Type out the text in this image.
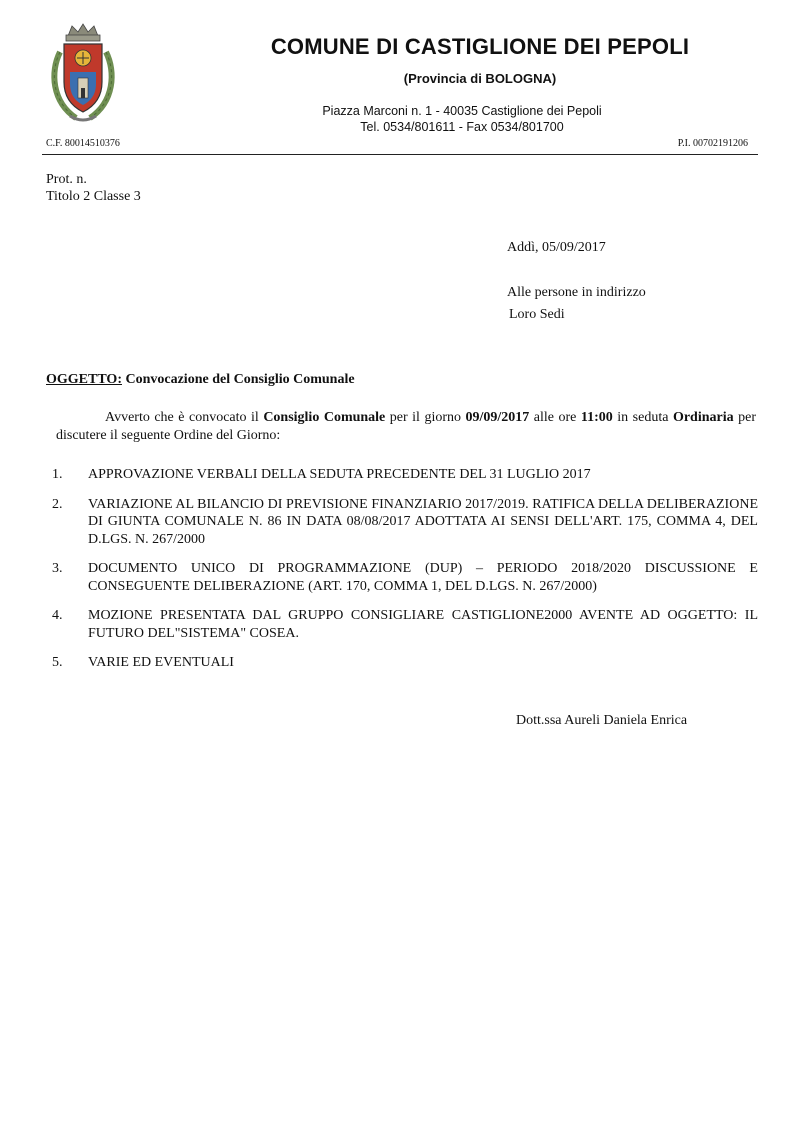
COMUNE DI CASTIGLIONE DEI PEPOLI
(Provincia di BOLOGNA)
Piazza Marconi n. 1 - 40035 Castiglione dei Pepoli
Tel. 0534/801611 - Fax 0534/801700
C.F. 80014510376	P.I. 00702191206
Prot. n.
Titolo 2 Classe 3
Addì, 05/09/2017
Alle persone in indirizzo
Loro Sedi
OGGETTO: Convocazione del Consiglio Comunale
Avverto che è convocato il Consiglio Comunale per il giorno 09/09/2017 alle ore 11:00 in seduta Ordinaria per discutere il seguente Ordine del Giorno:
1. APPROVAZIONE VERBALI DELLA SEDUTA PRECEDENTE DEL 31 LUGLIO 2017
2. VARIAZIONE AL BILANCIO DI PREVISIONE FINANZIARIO 2017/2019. RATIFICA DELLA DELIBERAZIONE DI GIUNTA COMUNALE N. 86 IN DATA 08/08/2017 ADOTTATA AI SENSI DELL'ART. 175, COMMA 4, DEL D.LGS. N. 267/2000
3. DOCUMENTO UNICO DI PROGRAMMAZIONE (DUP) – PERIODO 2018/2020 DISCUSSIONE E CONSEGUENTE DELIBERAZIONE (ART. 170, COMMA 1, DEL D.LGS. N. 267/2000)
4. MOZIONE PRESENTATA DAL GRUPPO CONSIGLIARE CASTIGLIONE2000 AVENTE AD OGGETTO: IL FUTURO DEL"SISTEMA" COSEA.
5. VARIE ED EVENTUALI
Dott.ssa Aureli Daniela Enrica
